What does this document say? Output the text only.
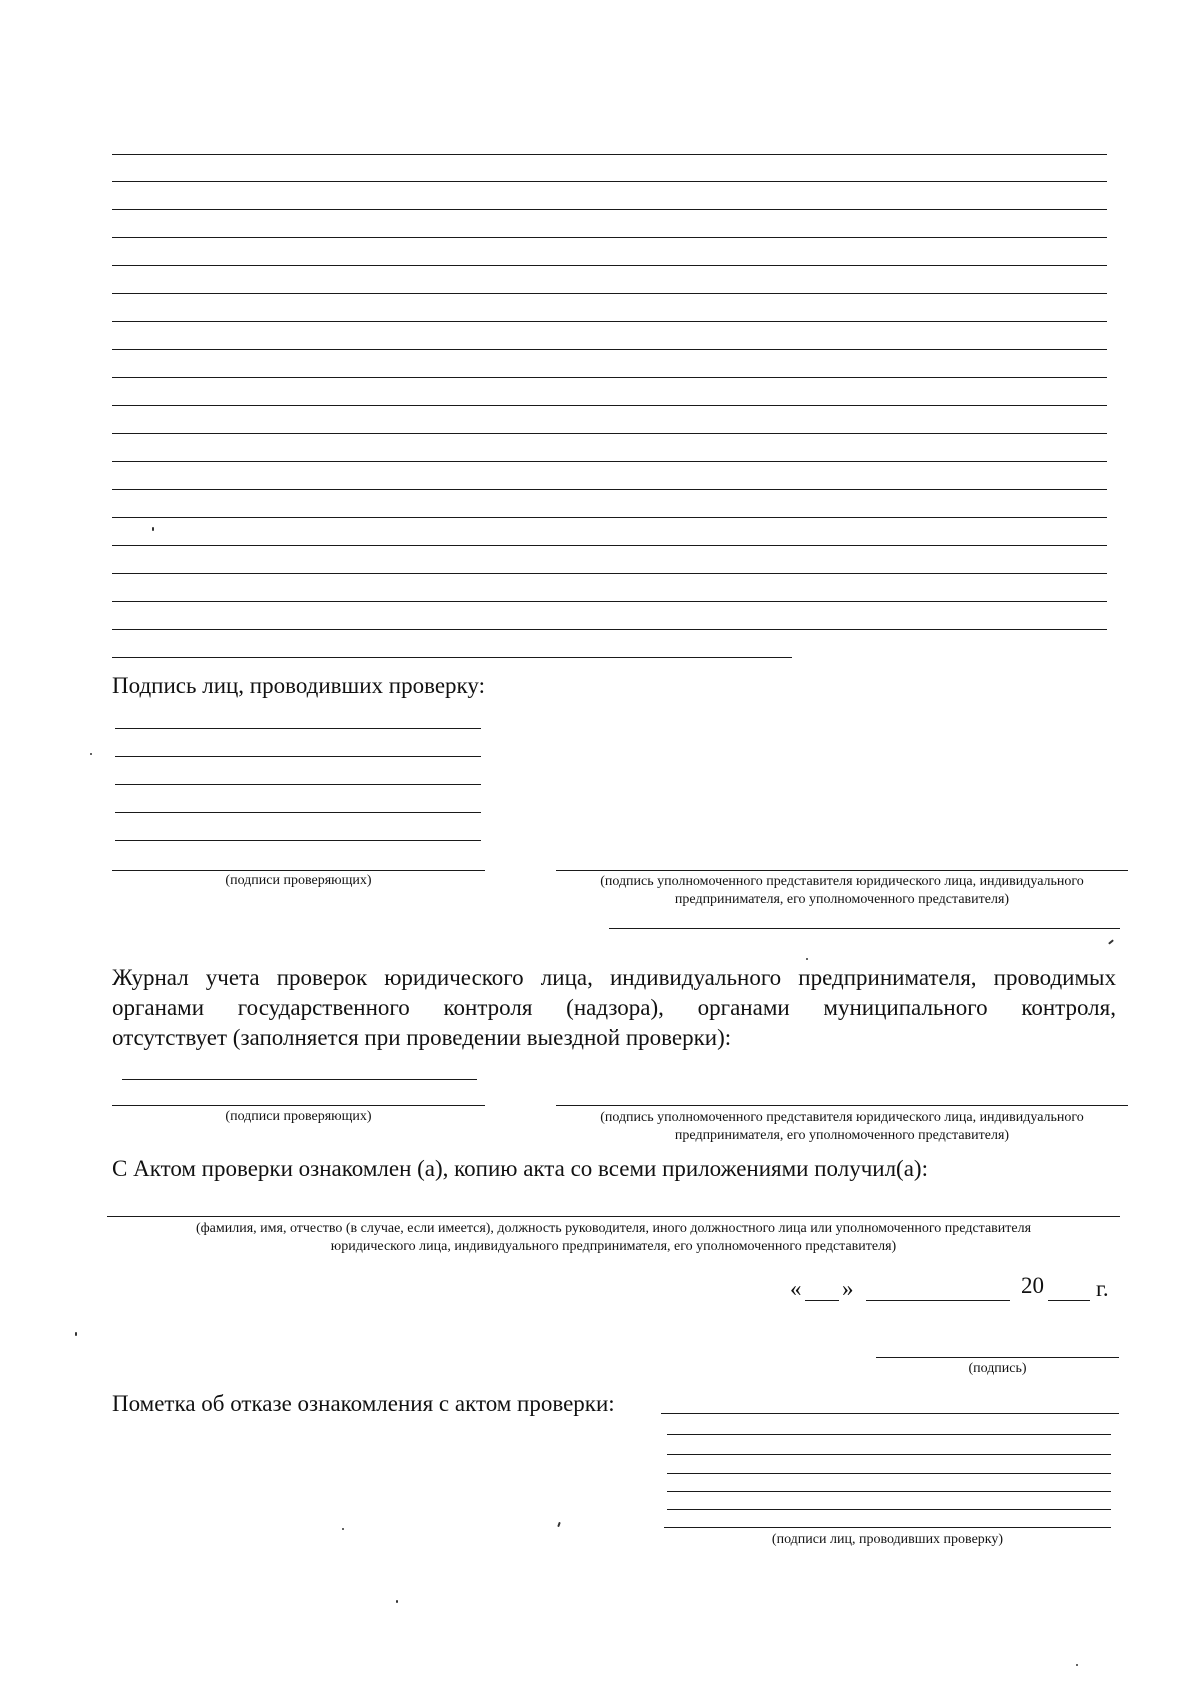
Подпись лиц, проводивших проверку:
(подписи проверяющих)	(подпись уполномоченного представителя юридического лица, индивидуального
предпринимателя, его уполномоченного представителя)
Журнал учета проверок юридического лица, индивидуального предпринимателя, проводимых
органами государственного контроля (надзора), органами муниципального контроля,
отсутствует (заполняется при проведении выездной проверки):
(подписи проверяющих)	(подпись уполномоченного представителя юридического лица, индивидуального
предпринимателя, его уполномоченного представителя)
С Актом проверки ознакомлен (а), копию акта со всеми приложениями получил(а):
(фамилия, имя, отчество (в случае, если имеется), должность руководителя, иного должностного лица или уполномоченного представителя
юридического лица, индивидуального предпринимателя, его уполномоченного представителя)
« »	20 г.
(подпись)
Пометка об отказе ознакомления с актом проверки:
(подписи лиц, проводивших проверку)
